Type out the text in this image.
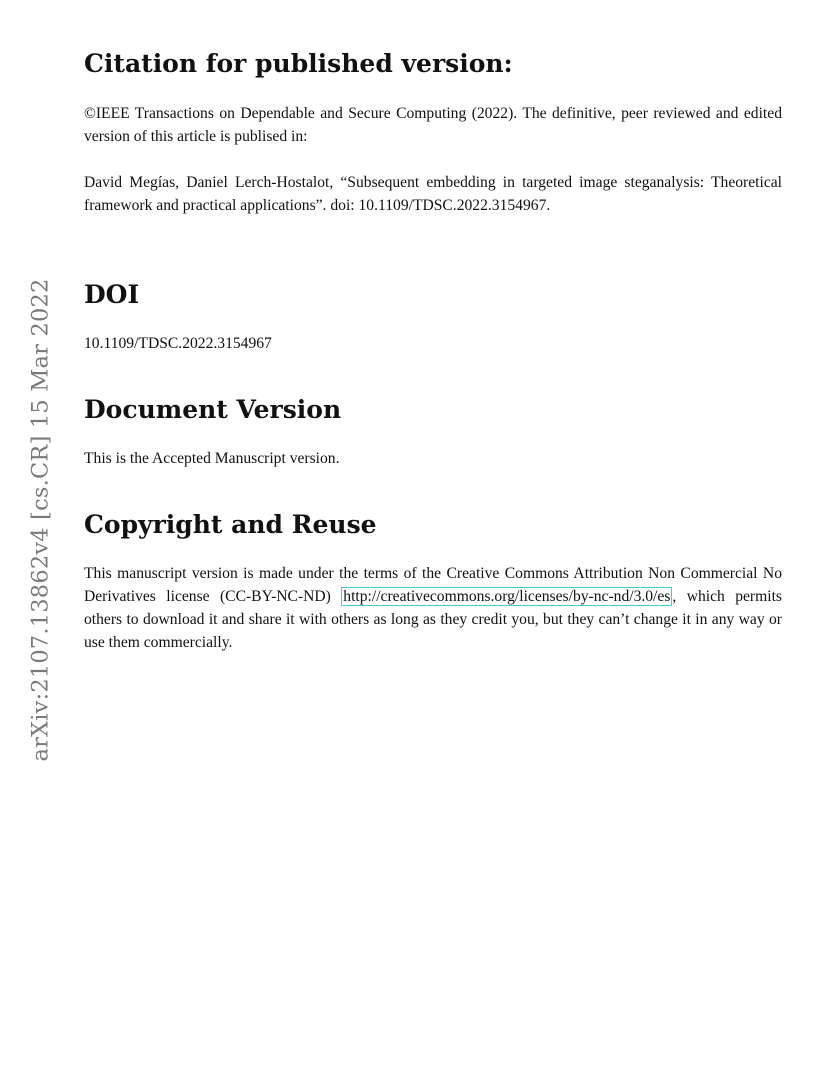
arXiv:2107.13862v4 [cs.CR] 15 Mar 2022
Citation for published version:

©IEEE Transactions on Dependable and Secure Computing (2022). The definitive, peer reviewed and edited version of this article is publised in:

David Megías, Daniel Lerch-Hostalot, “Subsequent embedding in targeted image steganalysis: Theoretical framework and practical applications”. doi: 10.1109/TDSC.2022.3154967.

DOI

10.1109/TDSC.2022.3154967

Document Version

This is the Accepted Manuscript version.

Copyright and Reuse

This manuscript version is made under the terms of the Creative Commons Attribution Non Commercial No Derivatives license (CC-BY-NC-ND) http://creativecommons.org/licenses/by-nc-nd/3.0/es , which permits others to download it and share it with others as long as they credit you, but they can’t change it in any way or use them commercially.
